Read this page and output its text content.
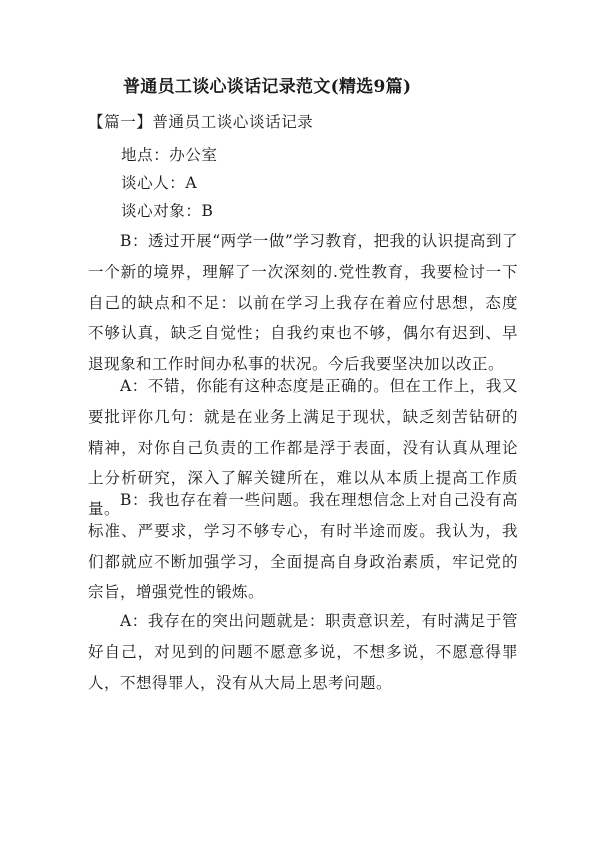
普通员工谈心谈话记录范文(精选9篇)
【篇一】普通员工谈心谈话记录
地点：办公室
谈心人：A
谈心对象：B

B：透过开展“两学一做”学习教育，把我的认识提高到了一个新的境界，理解了一次深刻的.党性教育，我要检讨一下自己的缺点和不足：以前在学习上我存在着应付思想，态度不够认真，缺乏自觉性；自我约束也不够，偶尔有迟到、早退现象和工作时间办私事的状况。今后我要坚决加以改正。

A：不错，你能有这种态度是正确的。但在工作上，我又要批评你几句：就是在业务上满足于现状，缺乏刻苦钻研的精神，对你自己负责的工作都是浮于表面，没有认真从理论上分析研究，深入了解关键所在，难以从本质上提高工作质量。

B：我也存在着一些问题。我在理想信念上对自己没有高标准、严要求，学习不够专心，有时半途而废。我认为，我们都就应不断加强学习，全面提高自身政治素质，牢记党的宗旨，增强党性的锻炼。

A：我存在的突出问题就是：职责意识差，有时满足于管好自己，对见到的问题不愿意多说，不想多说，不愿意得罪人，不想得罪人，没有从大局上思考问题。
